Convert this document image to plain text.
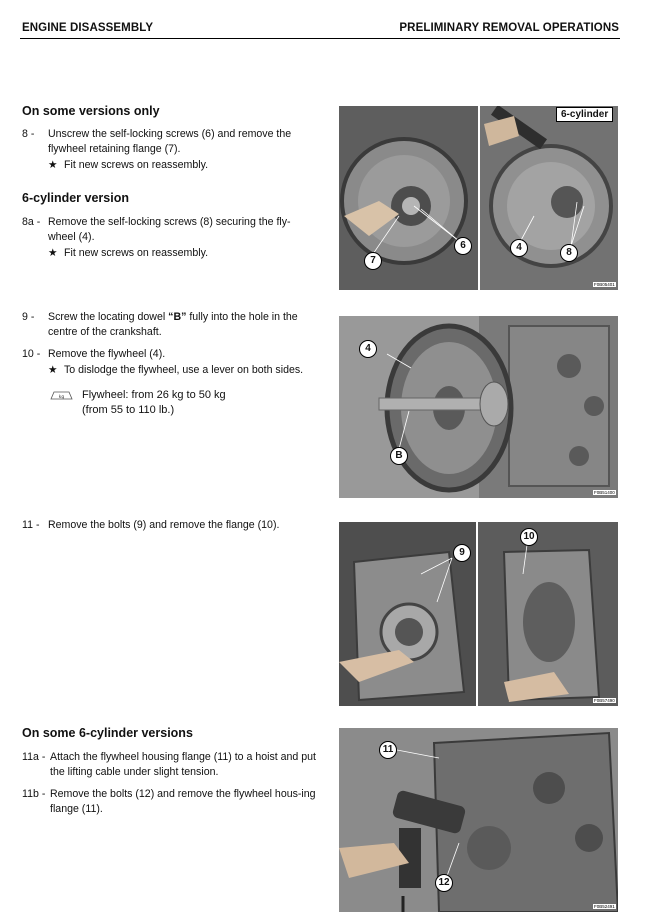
ENGINE DISASSEMBLY	PRELIMINARY REMOVAL OPERATIONS
On some versions only
8 -	Unscrew the self-locking screws (6) and remove the flywheel retaining flange (7).
★ Fit new screws on reassembly.
6-cylinder version
8a - Remove the self-locking screws (8) securing the fly-wheel (4).
★ Fit new screws on reassembly.
9 -	Screw the locating dowel “B” fully into the hole in the centre of the crankshaft.
10 - Remove the flywheel (4).
★ To dislodge the flywheel, use a lever on both sides.
kg Flywheel: from 26 kg to 50 kg
(from 55 to 110 lb.)
11 - Remove the bolts (9) and remove the flange (10).
On some 6-cylinder versions
11a - Attach the flywheel housing flange (11) to a hoist and put the lifting cable under slight tension.
11b - Remove the bolts (12) and remove the flywheel hous-ing flange (11).
6-cylinder
6
7
4	8
F0B05401
4
B
F0B51400
9
10
F0B57490
11
12
F0B52491
